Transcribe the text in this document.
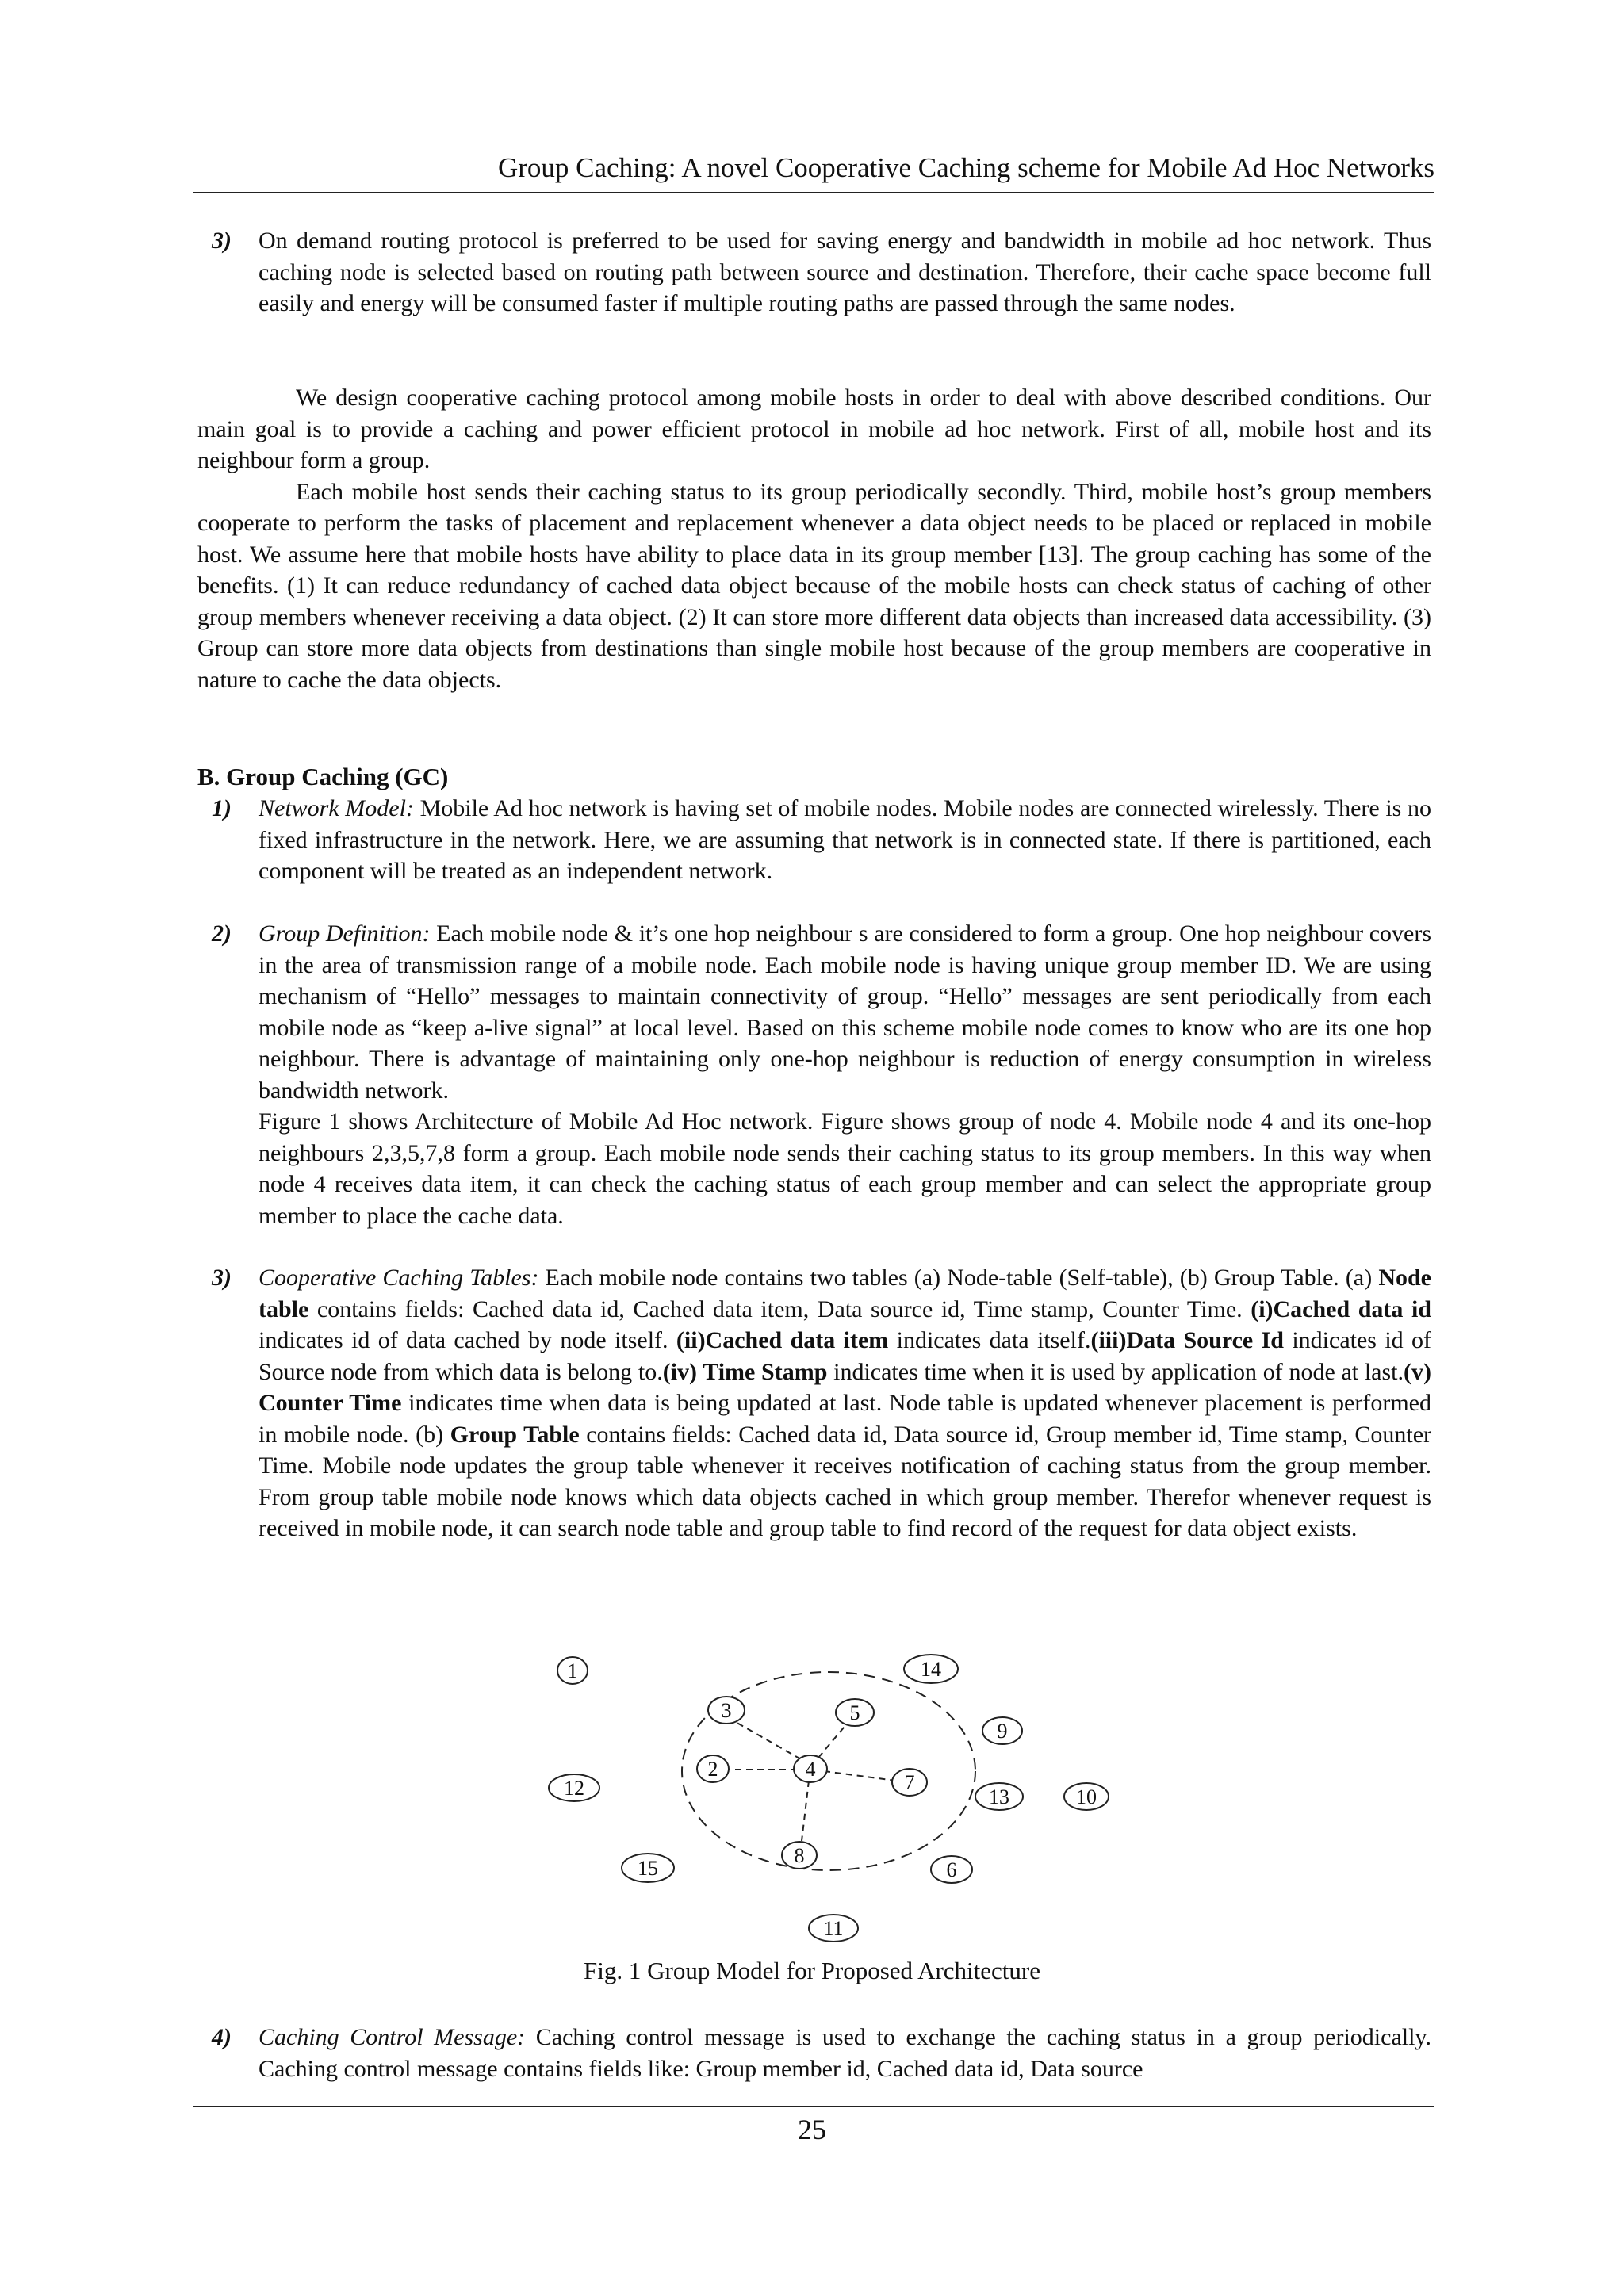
Group Caching: A novel Cooperative Caching scheme for Mobile Ad Hoc Networks
3) On demand routing protocol is preferred to be used for saving energy and bandwidth in mobile ad hoc network. Thus caching node is selected based on routing path between source and destination. Therefore, their cache space become full easily and energy will be consumed faster if multiple routing paths are passed through the same nodes.

We design cooperative caching protocol among mobile hosts in order to deal with above described conditions. Our main goal is to provide a caching and power efficient protocol in mobile ad hoc network. First of all, mobile host and its neighbour form a group.

Each mobile host sends their caching status to its group periodically secondly. Third, mobile host’s group members cooperate to perform the tasks of placement and replacement whenever a data object needs to be placed or replaced in mobile host. We assume here that mobile hosts have ability to place data in its group member [13]. The group caching has some of the benefits. (1) It can reduce redundancy of cached data object because of the mobile hosts can check status of caching of other group members whenever receiving a data object. (2) It can store more different data objects than increased data accessibility. (3) Group can store more data objects from destinations than single mobile host because of the group members are cooperative in nature to cache the data objects.

B. Group Caching (GC)
1) Network Model: Mobile Ad hoc network is having set of mobile nodes. Mobile nodes are connected wirelessly. There is no fixed infrastructure in the network. Here, we are assuming that network is in connected state. If there is partitioned, each component will be treated as an independent network.

2) Group Definition: Each mobile node & it’s one hop neighbour s are considered to form a group. One hop neighbour covers in the area of transmission range of a mobile node. Each mobile node is having unique group member ID. We are using mechanism of “Hello” messages to maintain connectivity of group. “Hello” messages are sent periodically from each mobile node as “keep a-live signal” at local level. Based on this scheme mobile node comes to know who are its one hop neighbour. There is advantage of maintaining only one-hop neighbour is reduction of energy consumption in wireless bandwidth network.

Figure 1 shows Architecture of Mobile Ad Hoc network. Figure shows group of node 4. Mobile node 4 and its one-hop neighbours 2,3,5,7,8 form a group. Each mobile node sends their caching status to its group members. In this way when node 4 receives data item, it can check the caching status of each group member and can select the appropriate group member to place the cache data.

3) Cooperative Caching Tables: Each mobile node contains two tables (a) Node-table (Self-table), (b) Group Table. (a) Node table contains fields: Cached data id, Cached data item, Data source id, Time stamp, Counter Time. (i)Cached data id indicates id of data cached by node itself. (ii)Cached data item indicates data itself.(iii)Data Source Id indicates id of Source node from which data is belong to.(iv) Time Stamp indicates time when it is used by application of node at last.(v) Counter Time indicates time when data is being updated at last. Node table is updated whenever placement is performed in mobile node. (b) Group Table contains fields: Cached data id, Data source id, Group member id, Time stamp, Counter Time. Mobile node updates the group table whenever it receives notification of caching status from the group member. From group table mobile node knows which data objects cached in which group member. Therefor whenever request is received in mobile node, it can search node table and group table to find record of the request for data object exists.

1
2
3
4
5
6
7
8
9
10
11
12	13
14
15
Fig. 1 Group Model for Proposed Architecture
4) Caching Control Message: Caching control message is used to exchange the caching status in a group periodically. Caching control message contains fields like: Group member id, Cached data id, Data source

25
